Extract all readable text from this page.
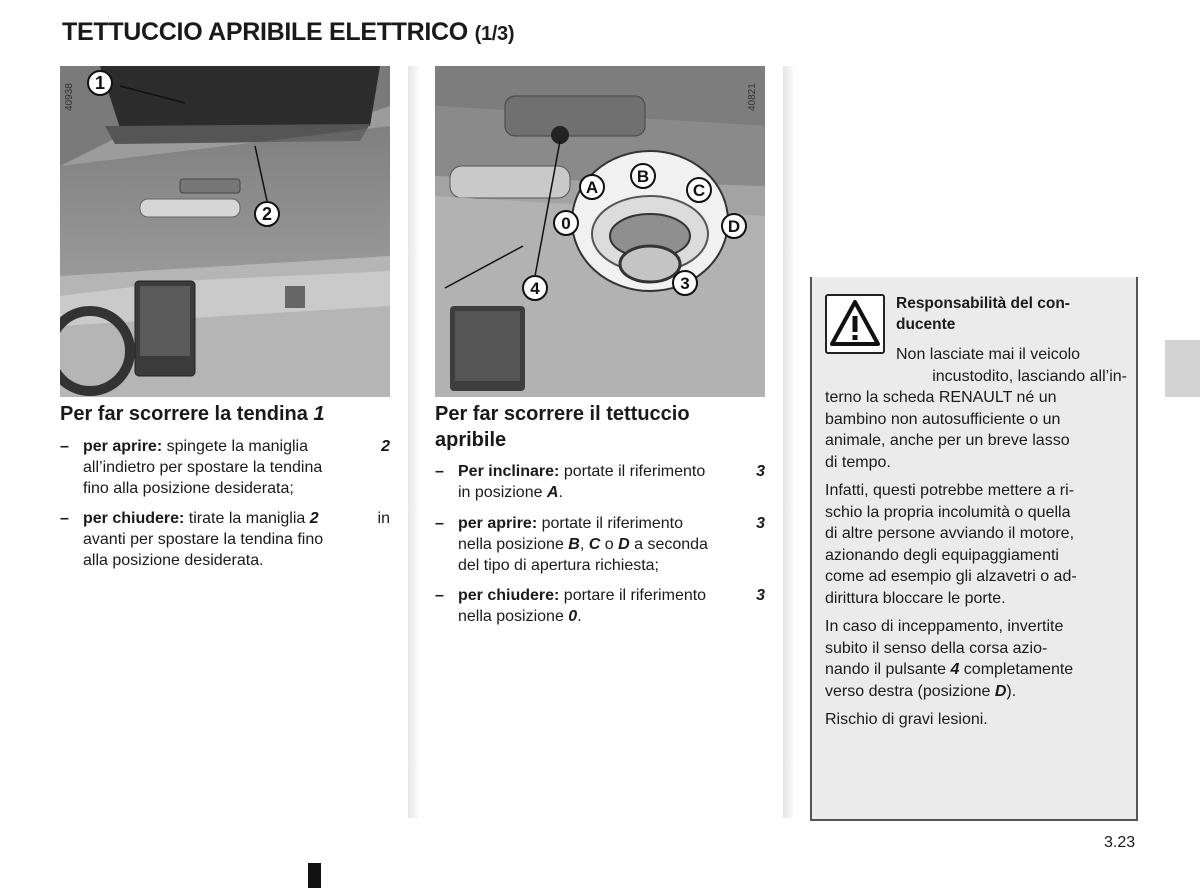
TETTUCCIO APRIBILE ELETTRICO (1/3)
1
2
40938
A
B
C
0	D
4	3
40821
Per far scorrere la tendina 1
– per aprire: spingete la maniglia	2
all’indietro per spostare la tendina
fino alla posizione desiderata;
– per chiudere: tirate la maniglia 2	in
avanti per spostare la tendina fino
alla posizione desiderata.
Per far scorrere il tettuccio
apribile
– Per inclinare: portate il riferimento	3
in posizione A.
– per aprire: portate il riferimento	3
nella posizione B, C o D a seconda
del tipo di apertura richiesta;
– per chiudere: portare il riferimento	3
nella posizione 0.
Responsabilità del con-
ducente
Non lasciate mai il veicolo
incustodito, lasciando all’in-
terno la scheda RENAULT né un
bambino non autosufficiente o un
animale, anche per un breve lasso
di tempo.
Infatti, questi potrebbe mettere a ri-
schio la propria incolumità o quella
di altre persone avviando il motore,
azionando degli equipaggiamenti
come ad esempio gli alzavetri o ad-
dirittura bloccare le porte.
In caso di inceppamento, invertite
subito il senso della corsa azio-
nando il pulsante 4 completamente
verso destra (posizione D).
Rischio di gravi lesioni.
3.23
